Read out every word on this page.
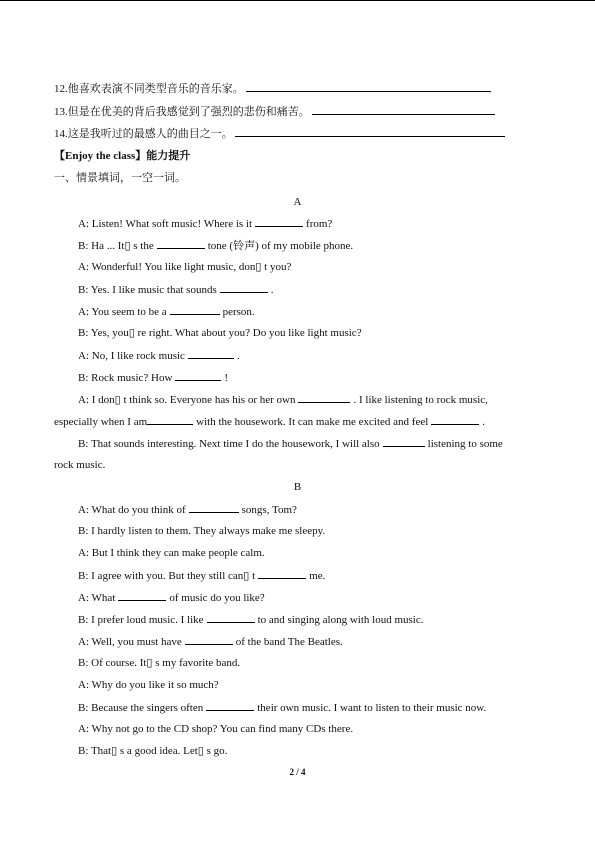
12.他喜欢表演不同类型音乐的音乐家。
13.但是在优美的背后我感觉到了强烈的悲伤和痛苦。
14.这是我听过的最感人的曲目之一。
【Enjoy the class】能力提升
一、情景填词，一空一词。
A
A: Listen! What soft music! Where is it	from?
B: Ha ... It▯ s the	tone (铃声) of my mobile phone.
A: Wonderful! You like light music, don▯ t you?
B: Yes. I like music that sounds	.
A: You seem to be a	person.
B: Yes, you▯ re right. What about you? Do you like light music?
A: No, I like rock music	.
B: Rock music? How	!
A: I don▯ t think so. Everyone has his or her own	. I like listening to rock music,
especially when I am	with the housework. It can make me excited and feel	.
B: That sounds interesting. Next time I do the housework, I will also	listening to some
rock music.
B
A: What do you think of	songs, Tom?
B: I hardly listen to them. They always make me sleepy.
A: But I think they can make people calm.
B: I agree with you. But they still can▯ t	me.
A: What	of music do you like?
B: I prefer loud music. I like	to and singing along with loud music.
A: Well, you must have	of the band The Beatles.
B: Of course. It▯ s my favorite band.
A: Why do you like it so much?
B: Because the singers often	their own music. I want to listen to their music now.
A: Why not go to the CD shop? You can find many CDs there.
B: That▯ s a good idea. Let▯ s go.
2 / 4
